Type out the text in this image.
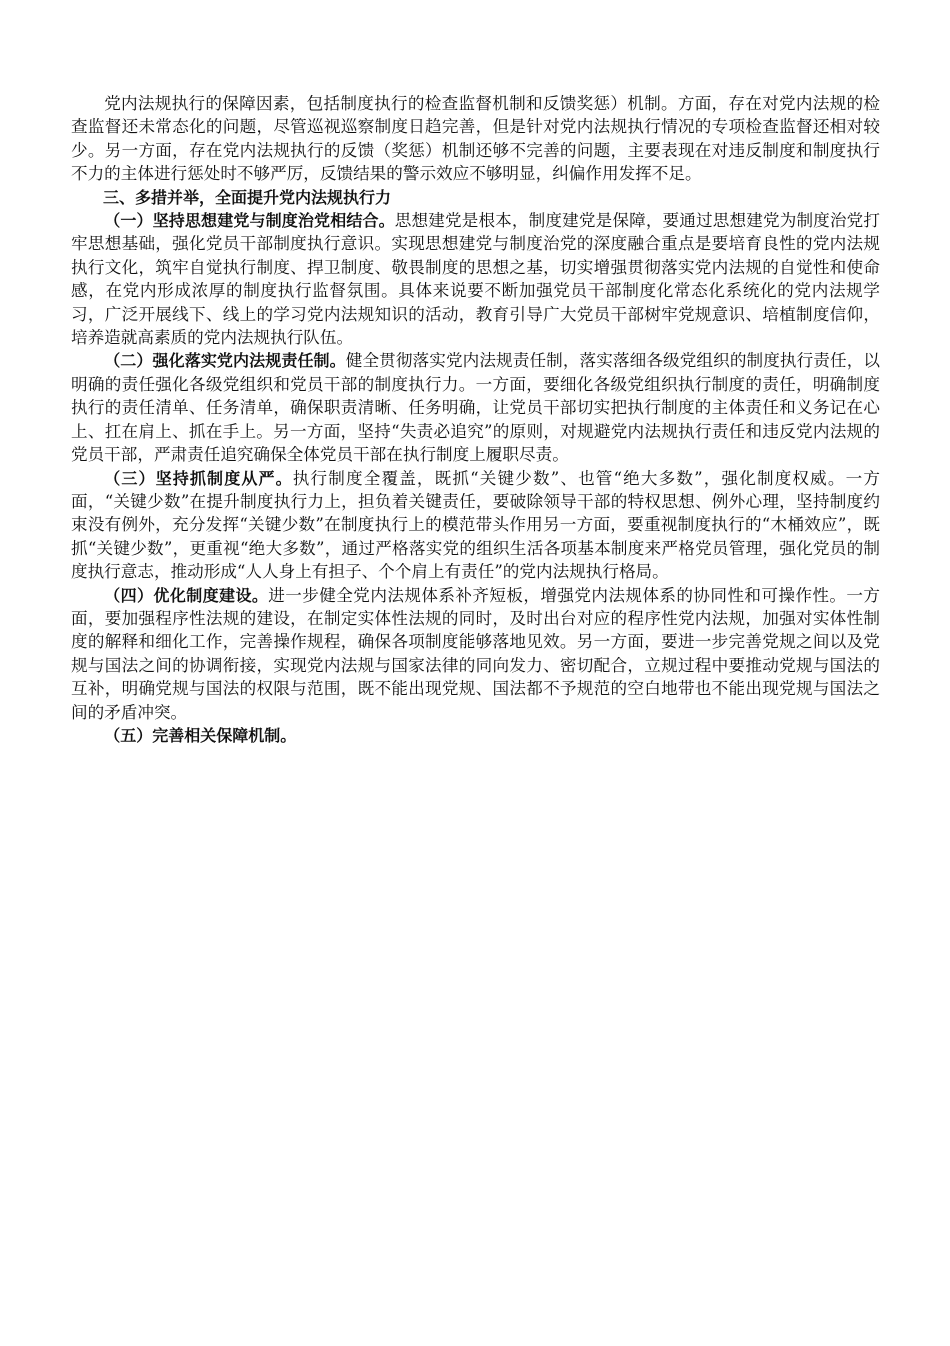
党内法规执行的保障因素，包括制度执行的检查监督机制和反馈奖惩）机制。方面，存在对党内法规的检查监督还未常态化的问题，尽管巡视巡察制度日趋完善，但是针对党内法规执行情况的专项检查监督还相对较少。另一方面，存在党内法规执行的反馈（奖惩）机制还够不完善的问题，主要表现在对违反制度和制度执行不力的主体进行惩处时不够严厉，反馈结果的警示效应不够明显，纠偏作用发挥不足。

三、多措并举，全面提升党内法规执行力

（一）坚持思想建党与制度治党相结合。思想建党是根本，制度建党是保障，要通过思想建党为制度治党打牢思想基础，强化党员干部制度执行意识。实现思想建党与制度治党的深度融合重点是要培育良性的党内法规执行文化，筑牢自觉执行制度、捍卫制度、敬畏制度的思想之基，切实增强贯彻落实党内法规的自觉性和使命感，在党内形成浓厚的制度执行监督氛围。具体来说要不断加强党员干部制度化常态化系统化的党内法规学习，广泛开展线下、线上的学习党内法规知识的活动，教育引导广大党员干部树牢党规意识、培植制度信仰，培养造就高素质的党内法规执行队伍。

（二）强化落实党内法规责任制。健全贯彻落实党内法规责任制，落实落细各级党组织的制度执行责任，以明确的责任强化各级党组织和党员干部的制度执行力。一方面，要细化各级党组织执行制度的责任，明确制度执行的责任清单、任务清单，确保职责清晰、任务明确，让党员干部切实把执行制度的主体责任和义务记在心上、扛在肩上、抓在手上。另一方面，坚持“失责必追究”的原则，对规避党内法规执行责任和违反党内法规的党员干部，严肃责任追究确保全体党员干部在执行制度上履职尽责。

（三）坚持抓制度从严。执行制度全覆盖，既抓“关键少数”、也管“绝大多数”，强化制度权威。一方面，“关键少数”在提升制度执行力上，担负着关键责任，要破除领导干部的特权思想、例外心理，坚持制度约束没有例外，充分发挥“关键少数”在制度执行上的模范带头作用另一方面，要重视制度执行的“木桶效应”，既抓“关键少数”，更重视“绝大多数”，通过严格落实党的组织生活各项基本制度来严格党员管理，强化党员的制度执行意志，推动形成“人人身上有担子、个个肩上有责任”的党内法规执行格局。

（四）优化制度建设。进一步健全党内法规体系补齐短板，增强党内法规体系的协同性和可操作性。一方面，要加强程序性法规的建设，在制定实体性法规的同时，及时出台对应的程序性党内法规，加强对实体性制度的解释和细化工作，完善操作规程，确保各项制度能够落地见效。另一方面，要进一步完善党规之间以及党规与国法之间的协调衔接，实现党内法规与国家法律的同向发力、密切配合，立规过程中要推动党规与国法的互补，明确党规与国法的权限与范围，既不能出现党规、国法都不予规范的空白地带也不能出现党规与国法之间的矛盾冲突。

（五）完善相关保障机制。
